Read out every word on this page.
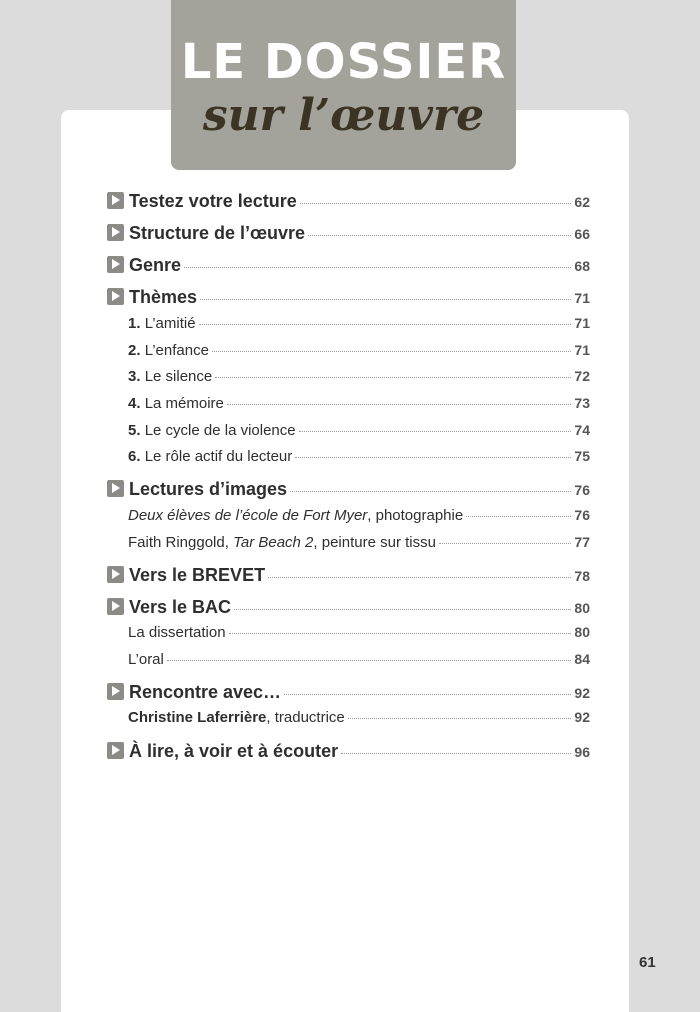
LE DOSSIER
sur l’œuvre
Testez votre lecture	62
Structure de l’œuvre	66
Genre	68
Thèmes	71
1. L’amitié	71
2. L’enfance	71
3. Le silence	72
4. La mémoire	73
5. Le cycle de la violence	74
6. Le rôle actif du lecteur	75
Lectures d’images	76
Deux élèves de l’école de Fort Myer, photographie	76
Faith Ringgold, Tar Beach 2, peinture sur tissu	77
Vers le BREVET	78
Vers le BAC	80
La dissertation	80
L’oral	84
Rencontre avec…	92
Christine Laferrière, traductrice	92
À lire, à voir et à écouter	96
61
